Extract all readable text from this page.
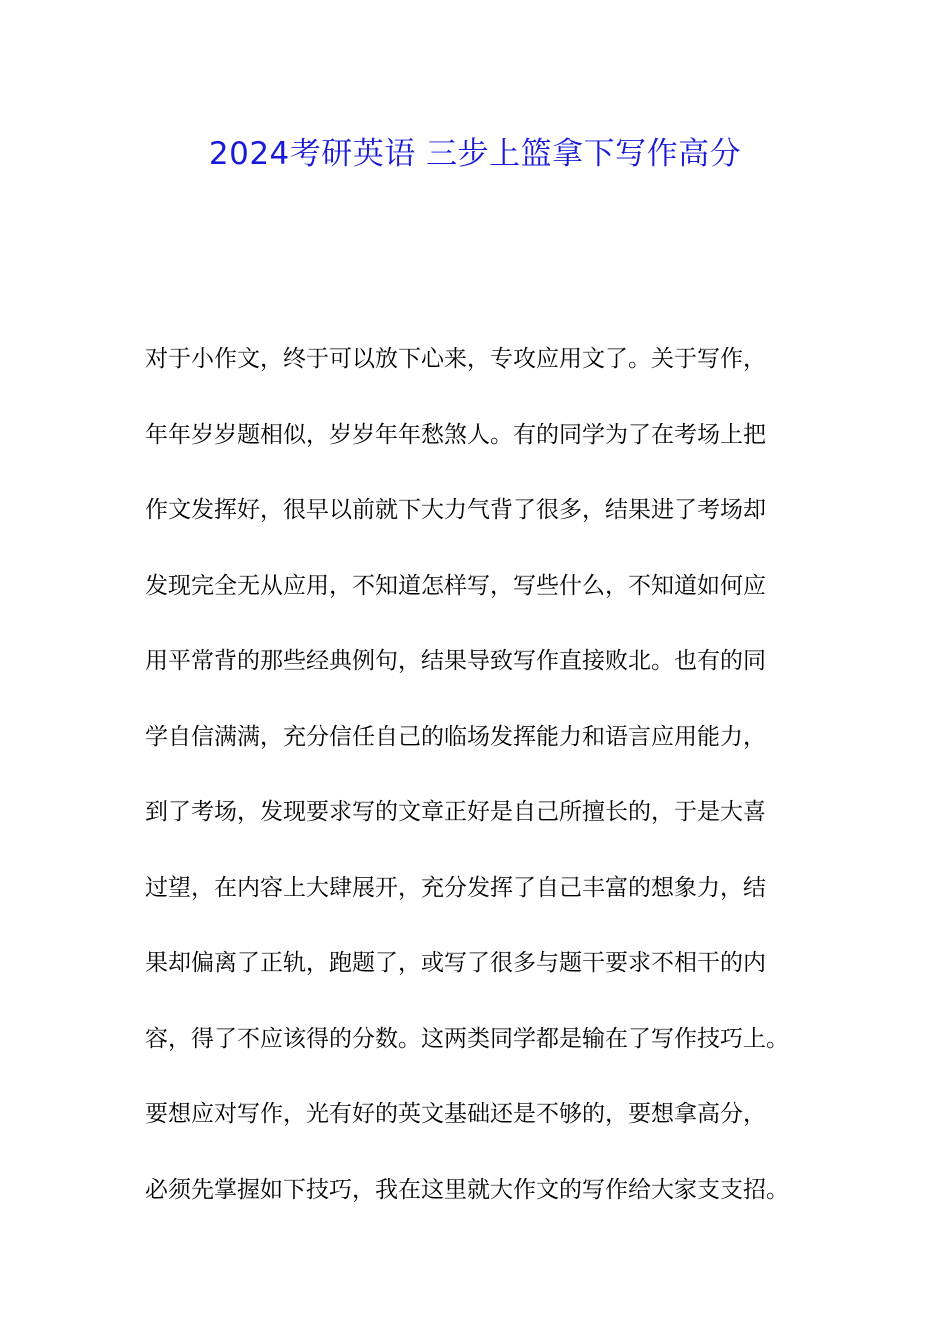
2024考研英语 三步上篮拿下写作高分
对于小作文，终于可以放下心来，专攻应用文了。关于写作，
年年岁岁题相似，岁岁年年愁煞人。有的同学为了在考场上把
作文发挥好，很早以前就下大力气背了很多，结果进了考场却
发现完全无从应用，不知道怎样写，写些什么，不知道如何应
用平常背的那些经典例句，结果导致写作直接败北。也有的同
学自信满满，充分信任自己的临场发挥能力和语言应用能力，
到了考场，发现要求写的文章正好是自己所擅长的，于是大喜
过望，在内容上大肆展开，充分发挥了自己丰富的想象力，结
果却偏离了正轨，跑题了，或写了很多与题干要求不相干的内
容，得了不应该得的分数。这两类同学都是输在了写作技巧上。
要想应对写作，光有好的英文基础还是不够的，要想拿高分，
必须先掌握如下技巧，我在这里就大作文的写作给大家支支招。
